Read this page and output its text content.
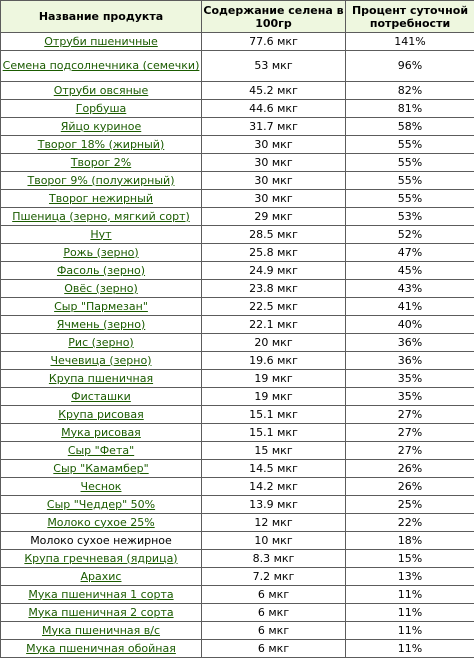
Название продукта	Содержание селена в 100гр	Процент суточной потребности
Отруби пшеничные	77.6 мкг	141%
Семена подсолнечника (семечки)	53 мкг	96%
Отруби овсяные	45.2 мкг	82%
Горбуша	44.6 мкг	81%
Яйцо куриное	31.7 мкг	58%
Творог 18% (жирный)	30 мкг	55%
Творог 2%	30 мкг	55%
Творог 9% (полужирный)	30 мкг	55%
Творог нежирный	30 мкг	55%
Пшеница (зерно, мягкий сорт)	29 мкг	53%
Нут	28.5 мкг	52%
Рожь (зерно)	25.8 мкг	47%
Фасоль (зерно)	24.9 мкг	45%
Овёс (зерно)	23.8 мкг	43%
Сыр "Пармезан"	22.5 мкг	41%
Ячмень (зерно)	22.1 мкг	40%
Рис (зерно)	20 мкг	36%
Чечевица (зерно)	19.6 мкг	36%
Крупа пшеничная	19 мкг	35%
Фисташки	19 мкг	35%
Крупа рисовая	15.1 мкг	27%
Мука рисовая	15.1 мкг	27%
Сыр "Фета"	15 мкг	27%
Сыр "Камамбер"	14.5 мкг	26%
Чеснок	14.2 мкг	26%
Сыр "Чеддер" 50%	13.9 мкг	25%
Молоко сухое 25%	12 мкг	22%
Молоко сухое нежирное	10 мкг	18%
Крупа гречневая (ядрица)	8.3 мкг	15%
Арахис	7.2 мкг	13%
Мука пшеничная 1 сорта	6 мкг	11%
Мука пшеничная 2 сорта	6 мкг	11%
Мука пшеничная в/с	6 мкг	11%
Мука пшеничная обойная	6 мкг	11%
